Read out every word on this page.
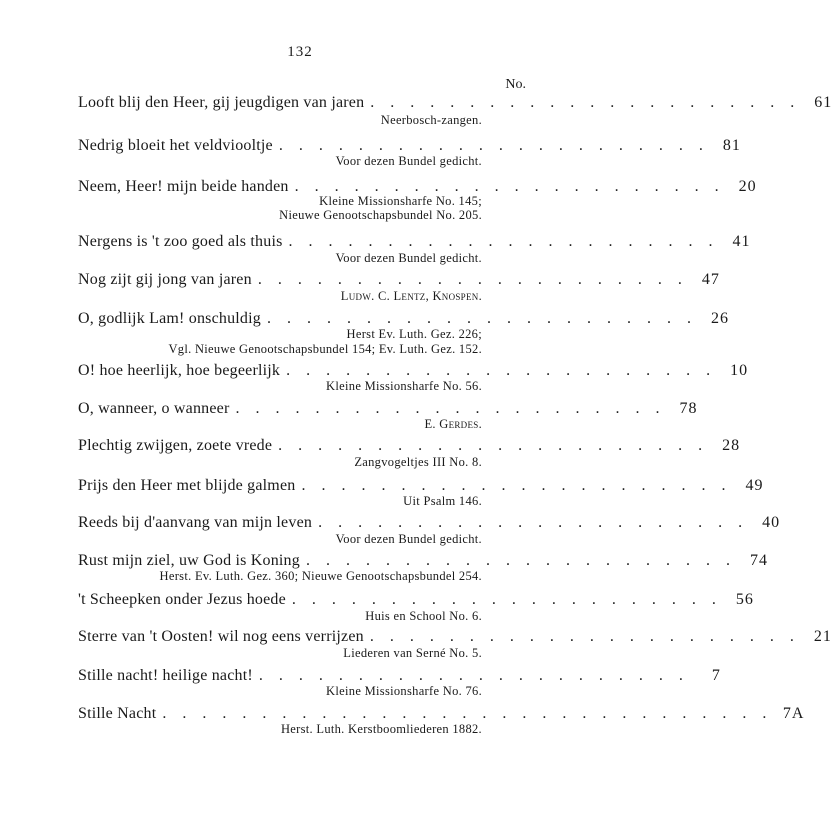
132
No.
Looft blij den Heer, gij jeugdigen van jaren . . . . . . . . . . . . . . . . . . . . . . 61
Neerbosch-zangen.
Nedrig bloeit het veldviooltje . . . . . . . . . . . . . . . . . . . . . . 81
Voor dezen Bundel gedicht.
Neem, Heer! mijn beide handen . . . . . . . . . . . . . . . . . . . . . . 20
Kleine Missionsharfe No. 145;
Nieuwe Genootschapsbundel No. 205.
Nergens is 't zoo goed als thuis . . . . . . . . . . . . . . . . . . . . . . 41
Voor dezen Bundel gedicht.
Nog zijt gij jong van jaren . . . . . . . . . . . . . . . . . . . . . . 47
Ludw. C. Lentz, Knospen.
O, godlijk Lam! onschuldig . . . . . . . . . . . . . . . . . . . . . . 26
Herst Ev. Luth. Gez. 226;
Vgl. Nieuwe Genootschapsbundel 154; Ev. Luth. Gez. 152.
O! hoe heerlijk, hoe begeerlijk . . . . . . . . . . . . . . . . . . . . . . 10
Kleine Missionsharfe No. 56.
O, wanneer, o wanneer . . . . . . . . . . . . . . . . . . . . . . 78
E. Gerdes.
Plechtig zwijgen, zoete vrede . . . . . . . . . . . . . . . . . . . . . . 28
Zangvogeltjes III No. 8.
Prijs den Heer met blijde galmen . . . . . . . . . . . . . . . . . . . . . . 49
Uit Psalm 146.
Reeds bij d'aanvang van mijn leven . . . . . . . . . . . . . . . . . . . . . . 40
Voor dezen Bundel gedicht.
Rust mijn ziel, uw God is Koning . . . . . . . . . . . . . . . . . . . . . . 74
Herst. Ev. Luth. Gez. 360; Nieuwe Genootschapsbundel 254.
't Scheepken onder Jezus hoede . . . . . . . . . . . . . . . . . . . . . . 56
Huis en School No. 6.
Sterre van 't Oosten! wil nog eens verrijzen . . . . . . . . . . . . . . . . . . . . . . 21
Liederen van Serné No. 5.
Stille nacht! heilige nacht! . . . . . . . . . . . . . . . . . . . . . .	7
Kleine Missionsharfe No. 76.
Stille Nacht . . . . . . . . . . . . . . . . . . . . . . . . . . . . . . . 7A
Herst. Luth. Kerstboomliederen 1882.
